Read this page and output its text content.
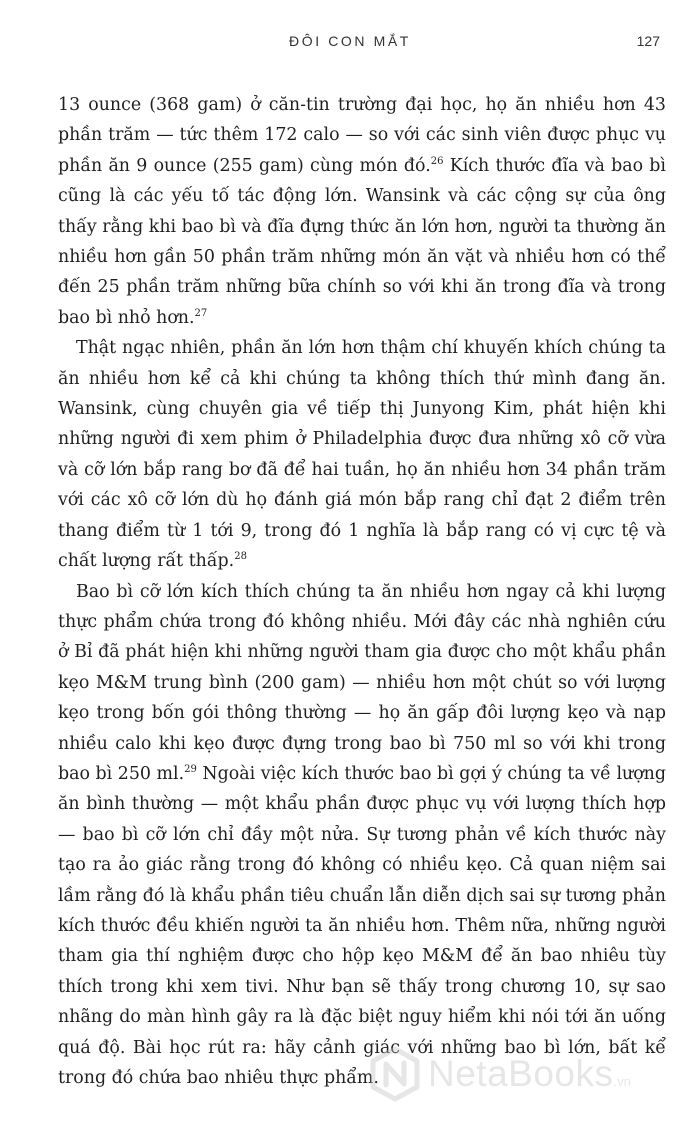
ĐÔI CON MẮT	127

13 ounce (368 gam) ở căn-tin trường đại học, họ ăn nhiều hơn 43 phần trăm — tức thêm 172 calo — so với các sinh viên được phục vụ phần ăn 9 ounce (255 gam) cùng món đó.$^{26}$ Kích thước đĩa và bao bì cũng là các yếu tố tác động lớn. Wansink và các cộng sự của ông thấy rằng khi bao bì và đĩa đựng thức ăn lớn hơn, người ta thường ăn nhiều hơn gần 50 phần trăm những món ăn vặt và nhiều hơn có thể đến 25 phần trăm những bữa chính so với khi ăn trong đĩa và trong bao bì nhỏ hơn.$^{27}$

Thật ngạc nhiên, phần ăn lớn hơn thậm chí khuyến khích chúng ta ăn nhiều hơn kể cả khi chúng ta không thích thứ mình đang ăn. Wansink, cùng chuyên gia về tiếp thị Junyong Kim, phát hiện khi những người đi xem phim ở Philadelphia được đưa những xô cỡ vừa và cỡ lớn bắp rang bơ đã để hai tuần, họ ăn nhiều hơn 34 phần trăm với các xô cỡ lớn dù họ đánh giá món bắp rang chỉ đạt 2 điểm trên thang điểm từ 1 tới 9, trong đó 1 nghĩa là bắp rang có vị cực tệ và chất lượng rất thấp.$^{28}$

Bao bì cỡ lớn kích thích chúng ta ăn nhiều hơn ngay cả khi lượng thực phẩm chứa trong đó không nhiều. Mới đây các nhà nghiên cứu ở Bỉ đã phát hiện khi những người tham gia được cho một khẩu phần kẹo M&M trung bình (200 gam) — nhiều hơn một chút so với lượng kẹo trong bốn gói thông thường — họ ăn gấp đôi lượng kẹo và nạp nhiều calo khi kẹo được đựng trong bao bì 750 ml so với khi trong bao bì 250 ml.$^{29}$ Ngoài việc kích thước bao bì gợi ý chúng ta về lượng ăn bình thường — một khẩu phần được phục vụ với lượng thích hợp — bao bì cỡ lớn chỉ đầy một nửa. Sự tương phản về kích thước này tạo ra ảo giác rằng trong đó không có nhiều kẹo. Cả quan niệm sai lầm rằng đó là khẩu phần tiêu chuẩn lẫn diễn dịch sai sự tương phản kích thước đều khiến người ta ăn nhiều hơn. Thêm nữa, những người tham gia thí nghiệm được cho hộp kẹo M&M để ăn bao nhiêu tùy thích trong khi xem tivi. Như bạn sẽ thấy trong chương 10, sự sao nhãng do màn hình gây ra là đặc biệt nguy hiểm khi nói tới ăn uống quá độ. Bài học rút ra: hãy cảnh giác với những bao bì lớn, bất kể trong đó chứa bao nhiêu thực phẩm.	NetaBooks.vn
